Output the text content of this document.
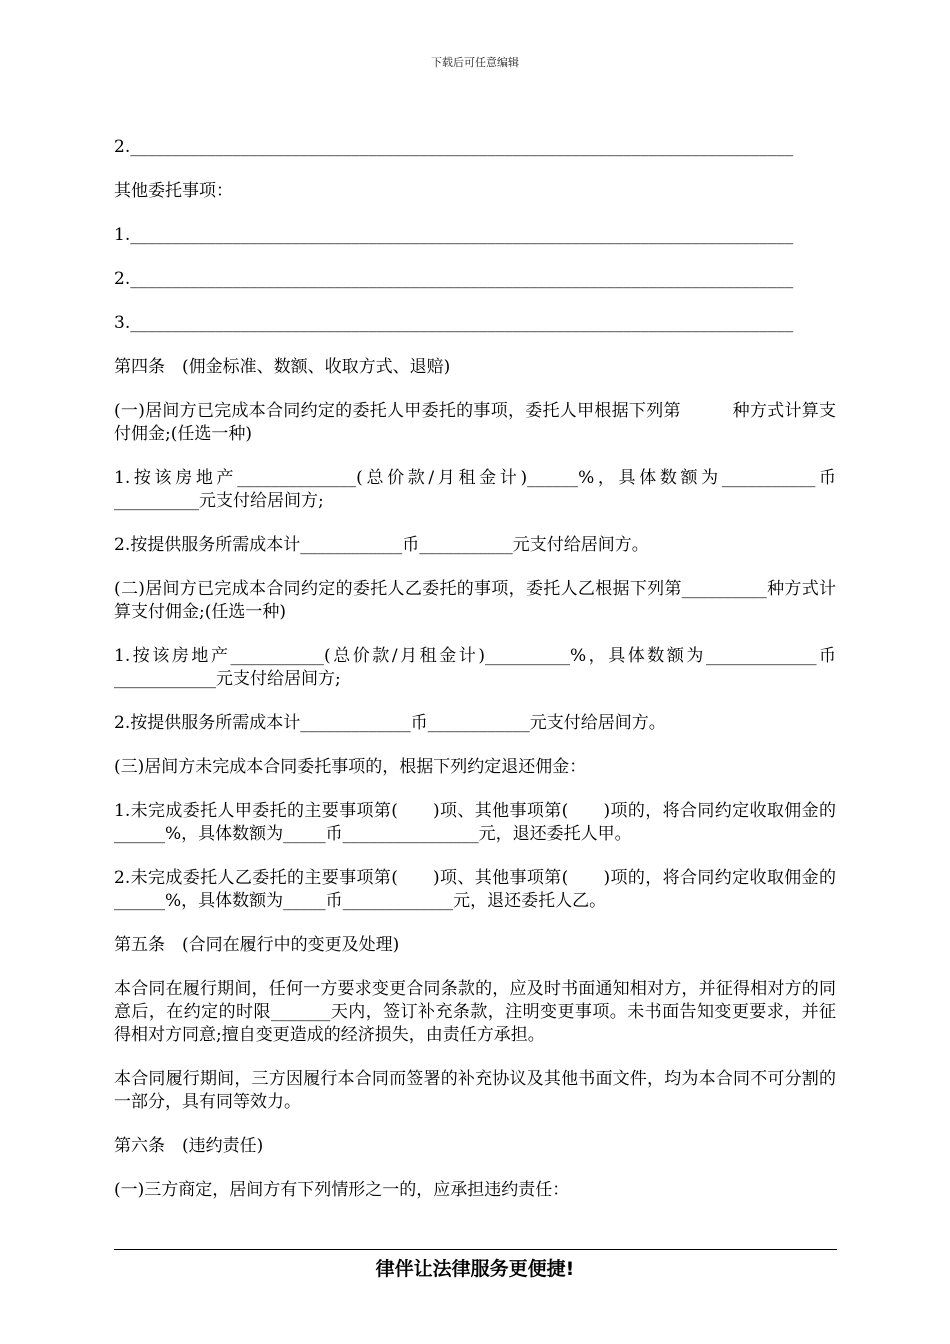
下载后可任意编辑

2.______________________________________________________________________________

其他委托事项：

1.______________________________________________________________________________

2.______________________________________________________________________________

3.______________________________________________________________________________

第四条　(佣金标准、数额、收取方式、退赔)

(一)居间方已完成本合同约定的委托人甲委托的事项，委托人甲根据下列第　　　种方式计算支付佣金;(任选一种)

1.按该房地产______________(总价款/月租金计)______%，具体数额为___________币__________元支付给居间方;

2.按提供服务所需成本计____________币___________元支付给居间方。

(二)居间方已完成本合同约定的委托人乙委托的事项，委托人乙根据下列第__________种方式计算支付佣金;(任选一种)

1.按该房地产___________(总价款/月租金计)__________%，具体数额为_____________币____________元支付给居间方;

2.按提供服务所需成本计_____________币____________元支付给居间方。

(三)居间方未完成本合同委托事项的，根据下列约定退还佣金：

1.未完成委托人甲委托的主要事项第(　　)项、其他事项第(　　)项的，将合同约定收取佣金的______%，具体数额为_____币________________元，退还委托人甲。

2.未完成委托人乙委托的主要事项第(　　)项、其他事项第(　　)项的，将合同约定收取佣金的______%，具体数额为_____币_____________元，退还委托人乙。

第五条　(合同在履行中的变更及处理)

本合同在履行期间，任何一方要求变更合同条款的，应及时书面通知相对方，并征得相对方的同意后，在约定的时限_______天内，签订补充条款，注明变更事项。未书面告知变更要求，并征得相对方同意;擅自变更造成的经济损失，由责任方承担。

本合同履行期间，三方因履行本合同而签署的补充协议及其他书面文件，均为本合同不可分割的一部分，具有同等效力。

第六条　(违约责任)

(一)三方商定，居间方有下列情形之一的，应承担违约责任：

律伴让法律服务更便捷!
